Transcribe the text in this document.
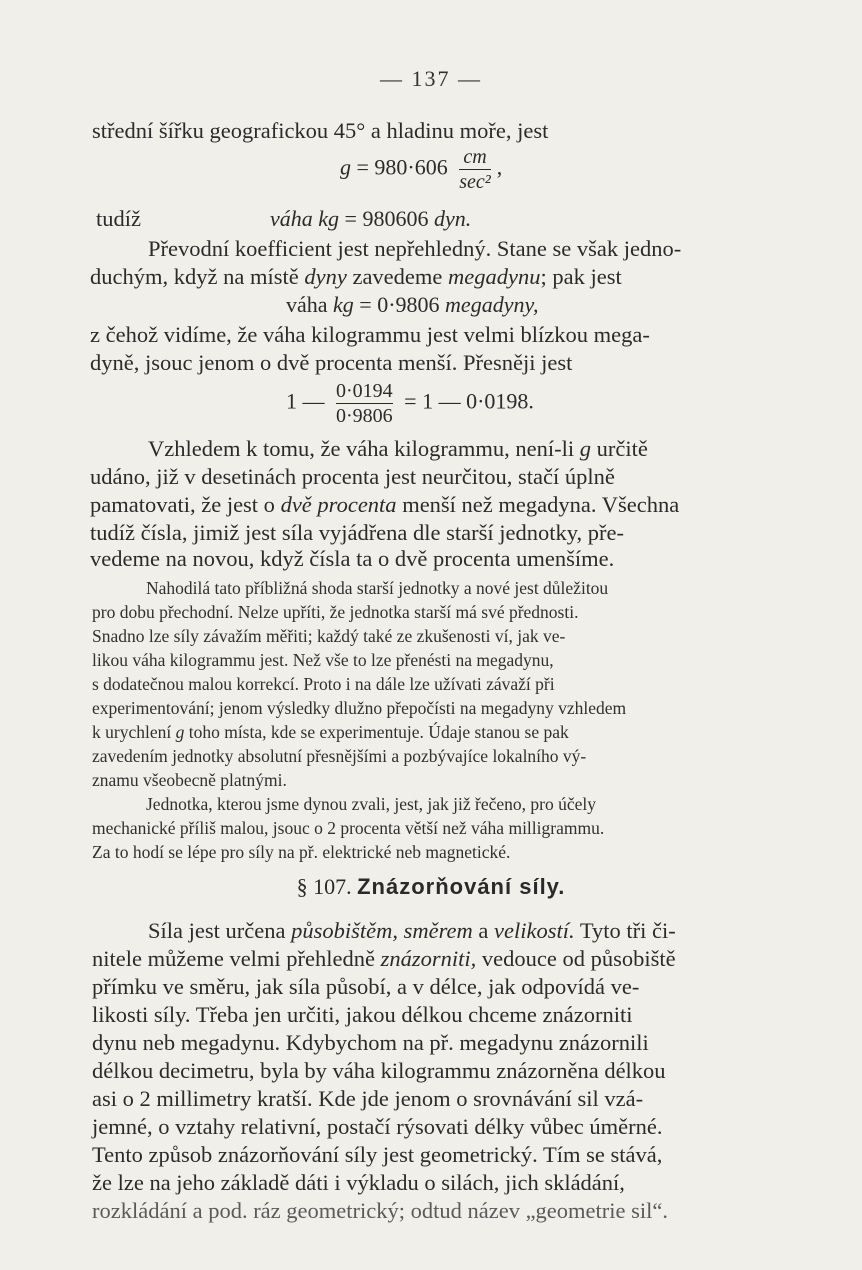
— 137 —
střední šířku geografickou 45° a hladinu moře, jest
$g = 980\cdot 606 \frac{cm}{\text{sec²}}$ ,
tudíž	váha kg = 980606 dyn.
Převodní koefficient jest nepřehledný. Stane se však jedno-
duchým, když na místě dyny zavedeme megadynu; pak jest
váha kg = 0·9806 megadyny,
z čehož vidíme, že váha kilogrammu jest velmi blízkou mega-
dyně, jsouc jenom o dvě procenta menší. Přesněji jest
1 — $\frac{0\cdot 0194}{0\cdot 9806} = 1$ — 0·0198.
Vzhledem k tomu, že váha kilogrammu, není-li g určitě
udáno, již v desetinách procenta jest neurčitou, stačí úplně
pamatovati, že jest o dvě procenta menší než megadyna. Všechna
tudíž čísla, jimiž jest síla vyjádřena dle starší jednotky, pře-
vedeme na novou, když čísla ta o dvě procenta umenšíme.
Nahodilá tato příbližná shoda starší jednotky a nové jest důležitou
pro dobu přechodní. Nelze upříti, že jednotka starší má své přednosti.
Snadno lze síly závažím měřiti; každý také ze zkušenosti ví, jak ve-
likou váha kilogrammu jest. Než vše to lze přenésti na megadynu,
s dodatečnou malou korrekcí. Proto i na dále lze užívati závaží při
experimentování; jenom výsledky dlužno přepočísti na megadyny vzhledem
k urychlení g toho místa, kde se experimentuje. Údaje stanou se pak
zavedením jednotky absolutní přesnějšími a pozbývajíce lokalního vý-
znamu všeobecně platnými.
Jednotka, kterou jsme dynou zvali, jest, jak již řečeno, pro účely
mechanické příliš malou, jsouc o 2 procenta větší než váha milligrammu.
Za to hodí se lépe pro síly na př. elektrické neb magnetické.
§ 107. Znázorňování síly.
Síla jest určena působištěm, směrem a velikostí. Tyto tři či-
nitele můžeme velmi přehledně znázorniti, vedouce od působiště
přímku ve směru, jak síla působí, a v délce, jak odpovídá ve-
likosti síly. Třeba jen určiti, jakou délkou chceme znázorniti
dynu neb megadynu. Kdybychom na př. megadynu znázornili
délkou decimetru, byla by váha kilogrammu znázorněna délkou
asi o 2 millimetry kratší. Kde jde jenom o srovnávání sil vzá-
jemné, o vztahy relativní, postačí rýsovati délky vůbec úměrné.
Tento způsob znázorňování síly jest geometrický. Tím se stává,
že lze na jeho základě dáti i výkladu o silách, jich skládání,
rozkládání a pod. ráz geometrický; odtud název „geometrie sil“.
